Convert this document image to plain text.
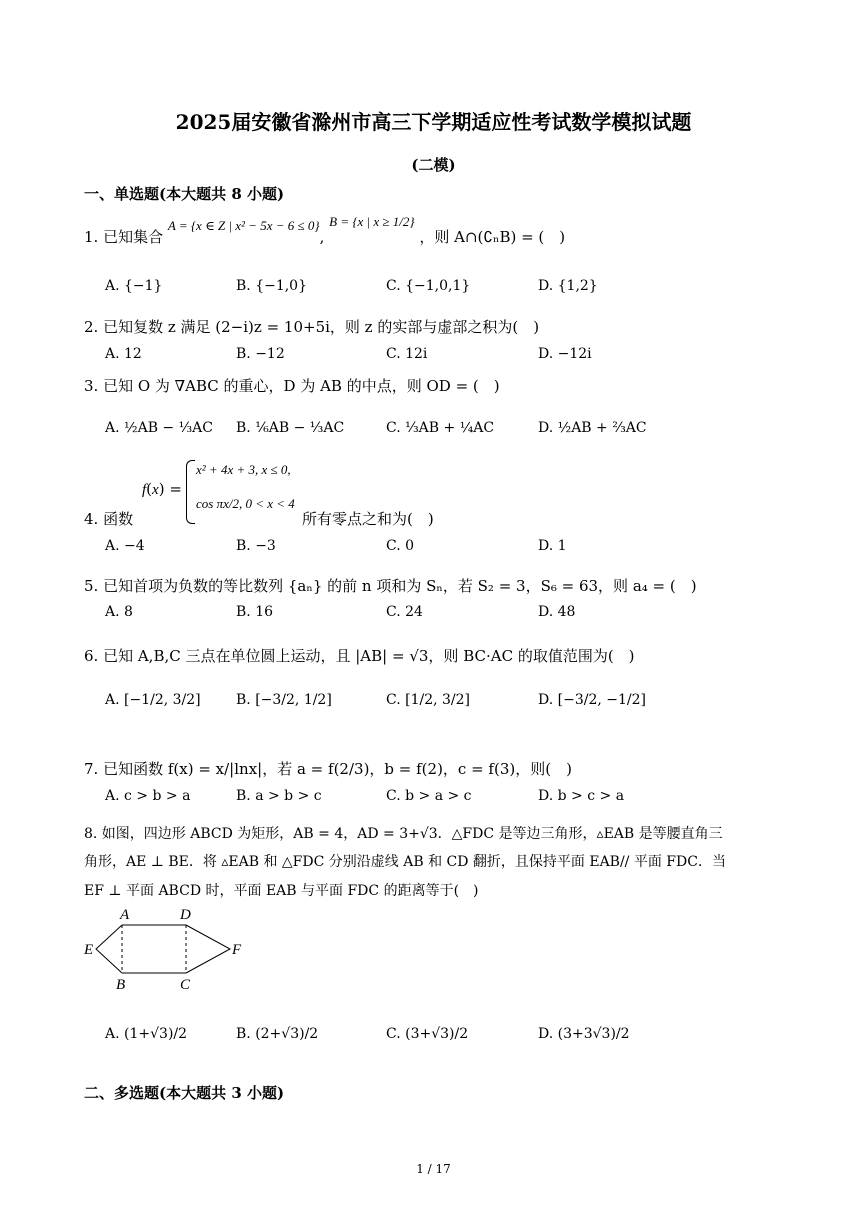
2025届安徽省滁州市高三下学期适应性考试数学模拟试题
(二模)
一、单选题(本大题共 8 小题)
1. 已知集合 A = {x ∈ Z | x² − 5x − 6 ≤ 0}, B = {x | x ≥ 1/2} ，则 A∩(∁ₙB) = (　)
A. {−1}	B. {−1,0}	C. {−1,0,1}	D. {1,2}
2. 已知复数 z 满足 (2−i)z = 10+5i，则 z 的实部与虚部之积为(　)
A. 12	B. −12	C. 12i	D. −12i
3. 已知 O 为 ∇ABC 的重心，D 为 AB 的中点，则 OD = (　)
A. ½AB − ⅓AC B. ⅙AB − ⅓AC	C. ⅓AB + ¼AC	D. ½AB + ⅔AC
4. 函数
f(x) =
x² + 4x + 3, x ≤ 0,
cos πx/2, 0 < x < 4
所有零点之和为(　)
A. −4	B. −3	C. 0	D. 1
5. 已知首项为负数的等比数列 {aₙ} 的前 n 项和为 Sₙ，若 S₂ = 3，S₆ = 63，则 a₄ = (　)
A. 8	B. 16	C. 24	D. 48
6. 已知 A,B,C 三点在单位圆上运动，且 |AB| = √3，则 BC·AC 的取值范围为(　)
A. [−1/2, 3/2]	B. [−3/2, 1/2]	C. [1/2, 3/2]	D. [−3/2, −1/2]
7. 已知函数 f(x) = x/|lnx|，若 a = f(2/3)，b = f(2)，c = f(3)，则(　)
A. c > b > a	B. a > b > c	C. b > a > c	D. b > c > a
8. 如图，四边形 ABCD 为矩形，AB = 4，AD = 3+√3．△FDC 是等边三角形，▵EAB 是等腰直角三
角形，AE ⊥ BE．将 ▵EAB 和 △FDC 分别沿虚线 AB 和 CD 翻折，且保持平面 EAB// 平面 FDC．当
EF ⊥ 平面 ABCD 时，平面 EAB 与平面 FDC 的距离等于(　)
A	D
E	F
B	C
A. (1+√3)/2	B. (2+√3)/2	C. (3+√3)/2	D. (3+3√3)/2
二、多选题(本大题共 3 小题)
1 / 17
